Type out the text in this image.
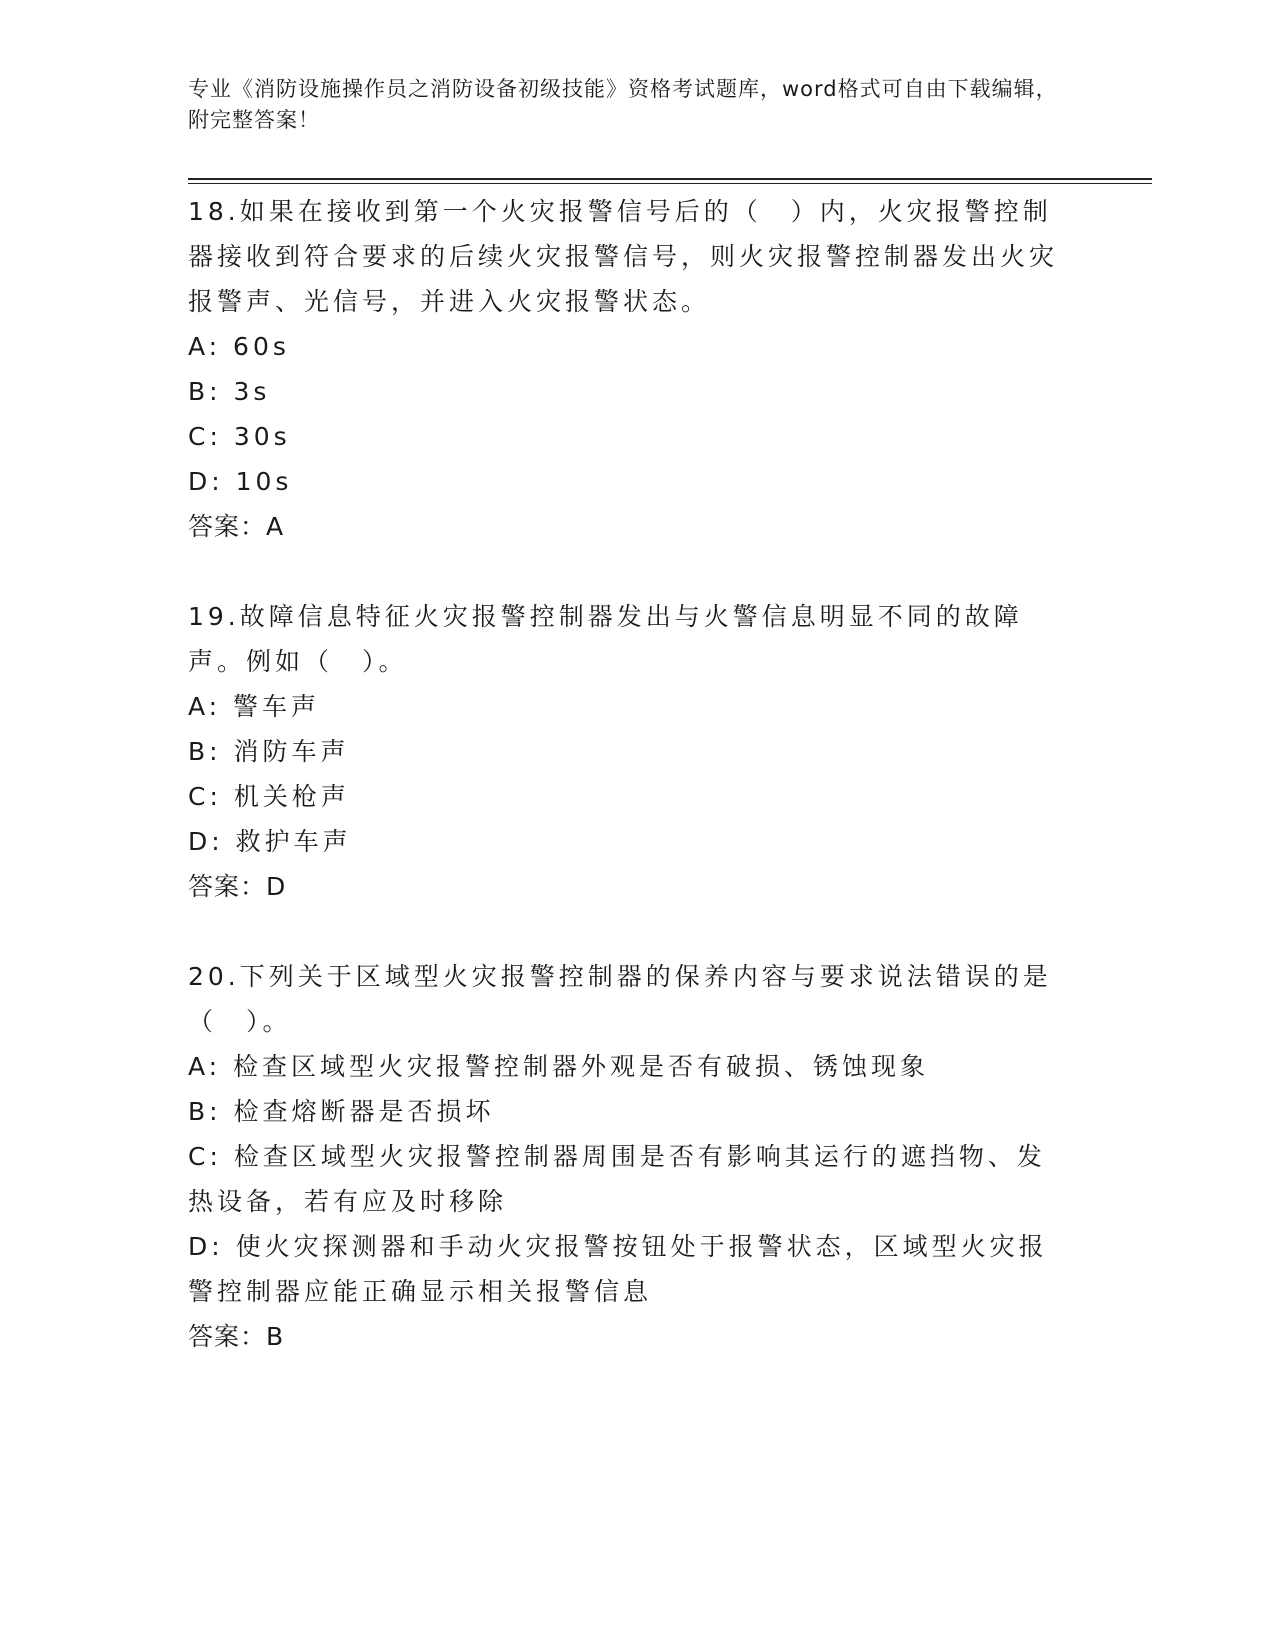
专业《消防设施操作员之消防设备初级技能》资格考试题库，word格式可自由下载编辑，附完整答案！
18.如果在接收到第一个火灾报警信号后的（　）内，火灾报警控制器接收到符合要求的后续火灾报警信号，则火灾报警控制器发出火灾报警声、光信号，并进入火灾报警状态。
A: 60s
B: 3s
C: 30s
D: 10s
答案：A
19.故障信息特征火灾报警控制器发出与火警信息明显不同的故障声。例如（　）。
A: 警车声
B: 消防车声
C: 机关枪声
D: 救护车声
答案：D
20.下列关于区域型火灾报警控制器的保养内容与要求说法错误的是（　）。
A: 检查区域型火灾报警控制器外观是否有破损、锈蚀现象
B: 检查熔断器是否损坏
C: 检查区域型火灾报警控制器周围是否有影响其运行的遮挡物、发热设备，若有应及时移除
D: 使火灾探测器和手动火灾报警按钮处于报警状态，区域型火灾报警控制器应能正确显示相关报警信息
答案：B
